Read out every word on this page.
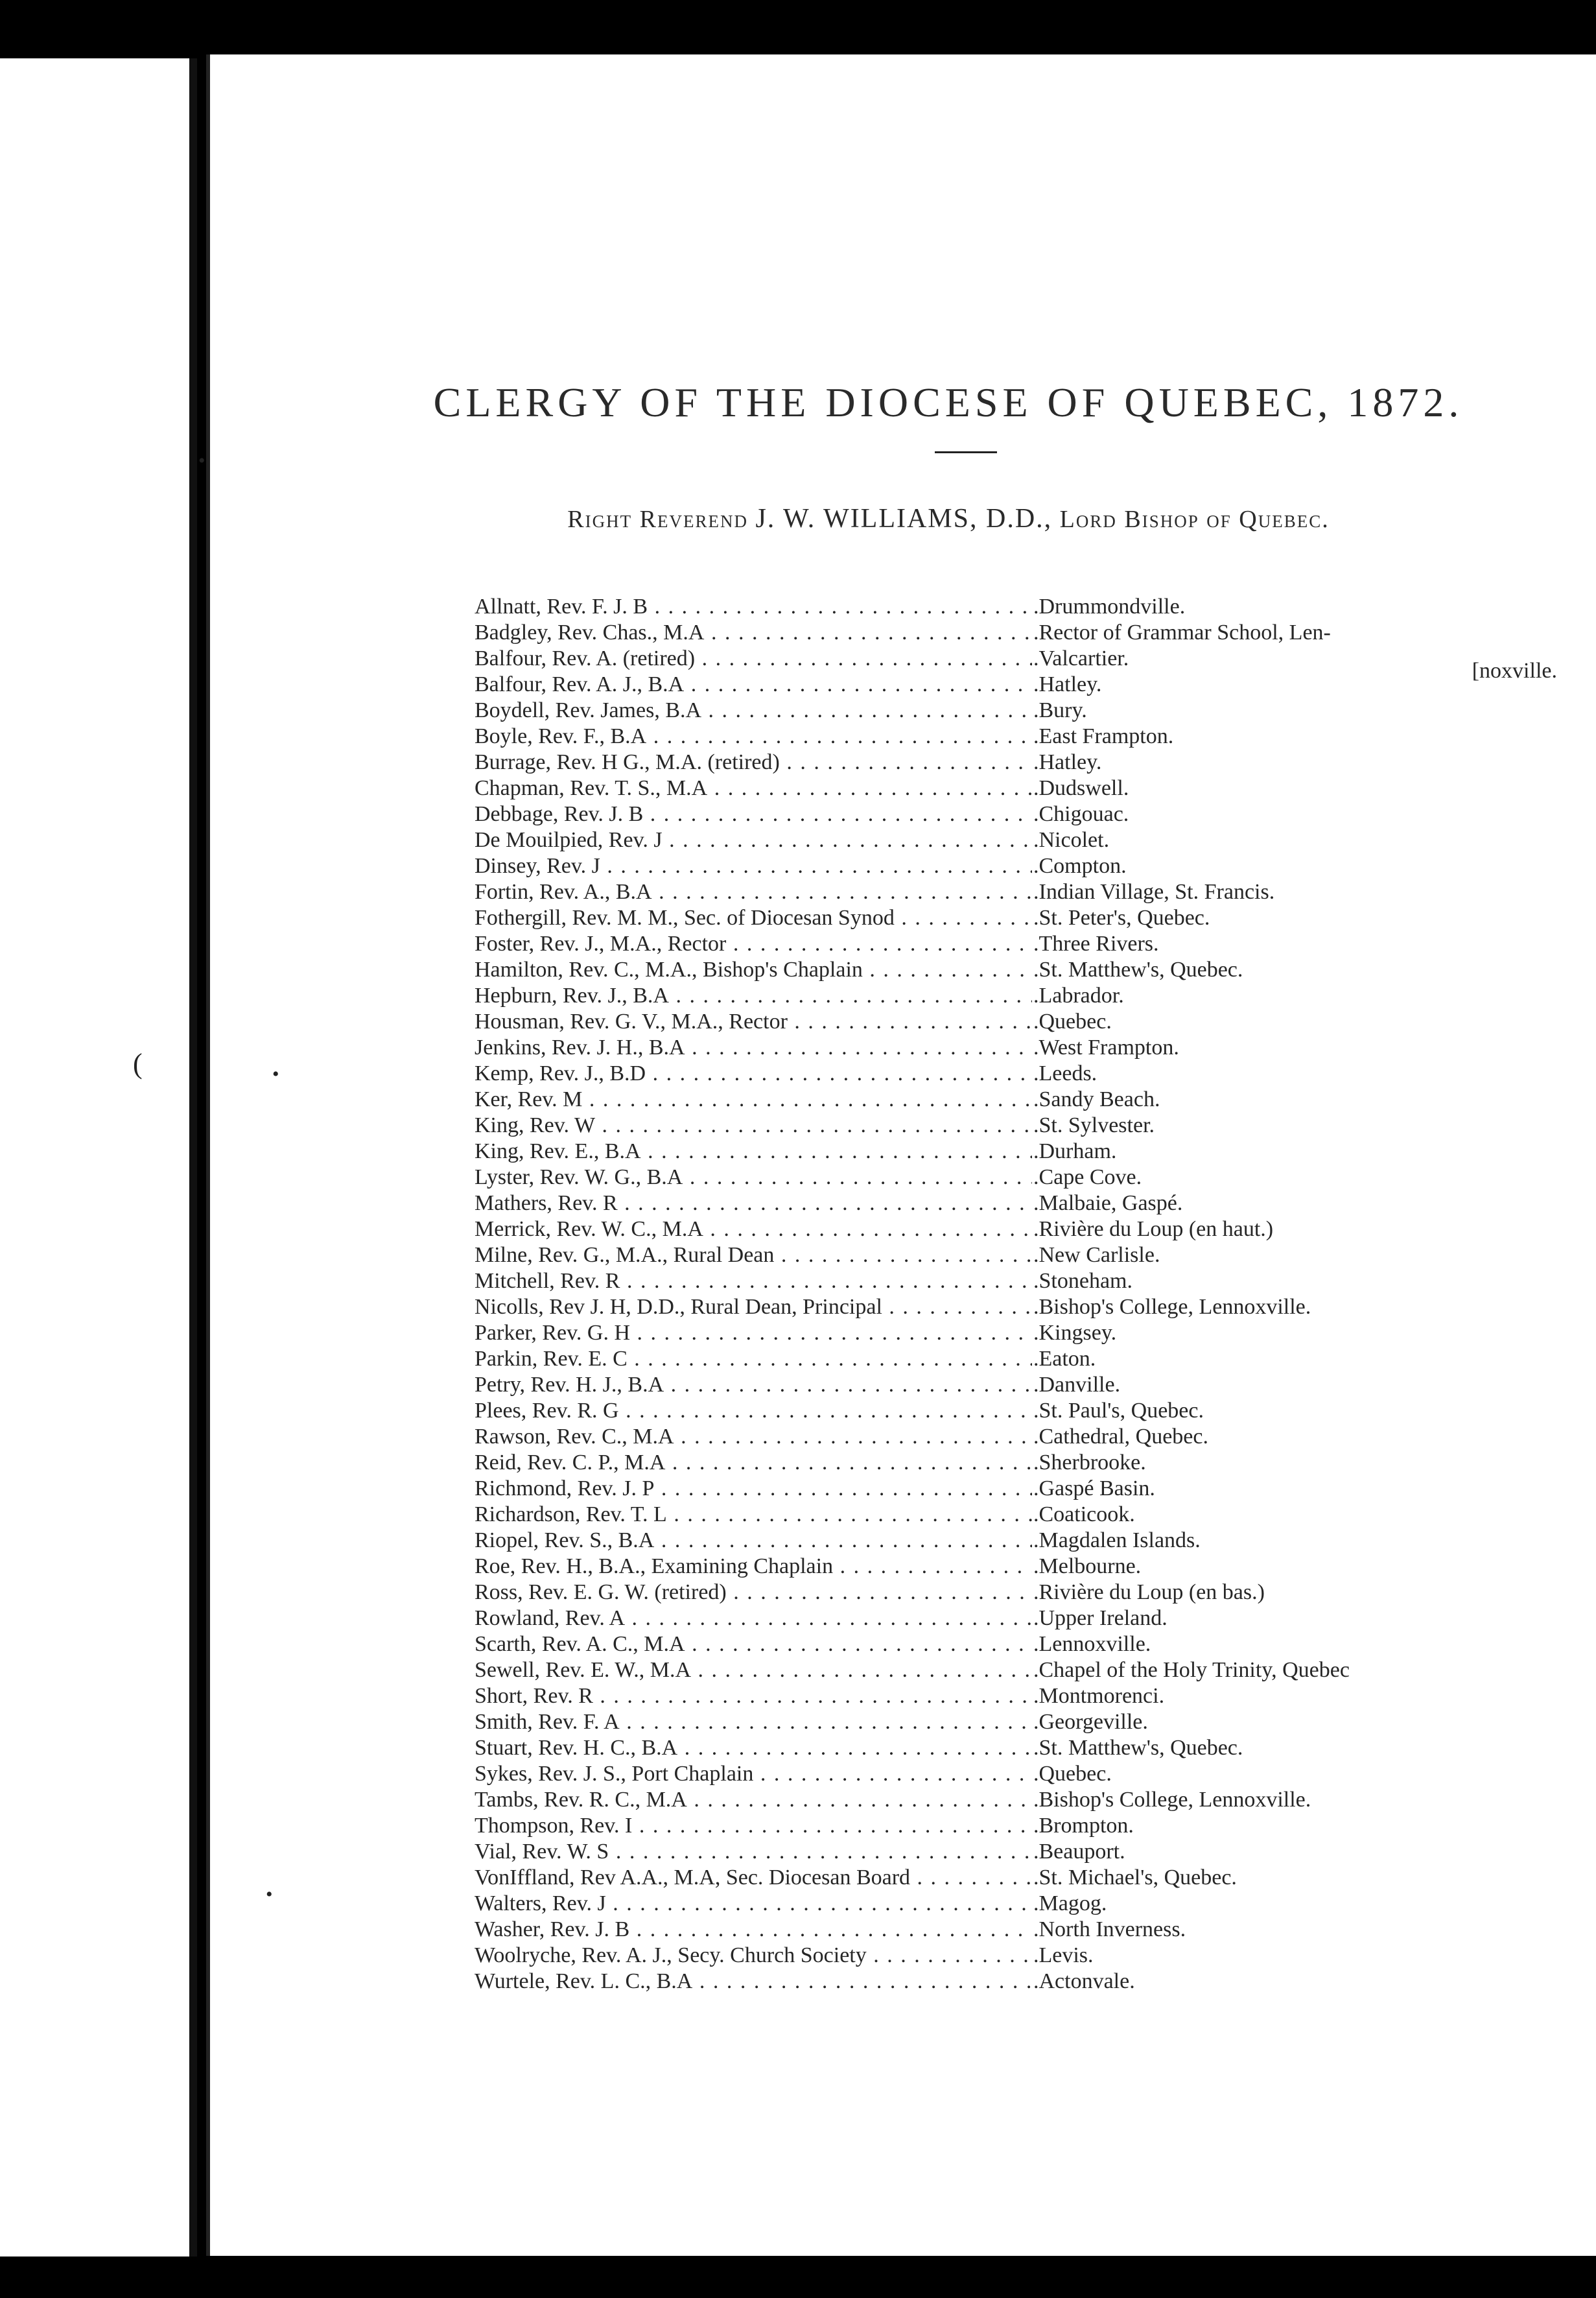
CLERGY OF THE DIOCESE OF QUEBEC, 1872.
Right Reverend J. W. WILLIAMS, D.D., Lord Bishop of Quebec.
Allnatt, Rev. F. J. B . . .	. Drummondville.
Badgley, Rev. Chas., M.A . . .	. Rector of Grammar School, Len-
Balfour, Rev. A. (retired) . . .	. Valcartier.
Balfour, Rev. A. J., B.A . . .	. Hatley.
Boydell, Rev. James, B.A . . .	. Bury.
Boyle, Rev. F., B.A . . .	. East Frampton.
Burrage, Rev. H G., M.A. (retired) . . .	. Hatley.
Chapman, Rev. T. S., M.A . . .	. Dudswell.
Debbage, Rev. J. B . . .	. Chigouac.
De Mouilpied, Rev. J . . .	. Nicolet.
Dinsey, Rev. J . . .	. Compton.
Fortin, Rev. A., B.A . . .	. Indian Village, St. Francis.
Fothergill, Rev. M. M., Sec. of Diocesan Synod . . .	. St. Peter's, Quebec.
Foster, Rev. J., M.A., Rector . . .	. Three Rivers.
Hamilton, Rev. C., M.A., Bishop's Chaplain . . .	. St. Matthew's, Quebec.
Hepburn, Rev. J., B.A . . .	. Labrador.
Housman, Rev. G. V., M.A., Rector . . .	. Quebec.
Jenkins, Rev. J. H., B.A . . .	. West Frampton.
Kemp, Rev. J., B.D . . .	. Leeds.
Ker, Rev. M . . .	. Sandy Beach.
King, Rev. W . . .	. St. Sylvester.
King, Rev. E., B.A . . .	. Durham.
Lyster, Rev. W. G., B.A . . .	. Cape Cove.
Mathers, Rev. R . . .	. Malbaie, Gaspé.
Merrick, Rev. W. C., M.A . . .	. Rivière du Loup (en haut.)
Milne, Rev. G., M.A., Rural Dean . . .	. New Carlisle.
Mitchell, Rev. R . . .	. Stoneham.
Nicolls, Rev J. H, D.D., Rural Dean, Principal . . .	. Bishop's College, Lennoxville.
Parker, Rev. G. H . . .	. Kingsey.
Parkin, Rev. E. C . . .	. Eaton.
Petry, Rev. H. J., B.A . . .	. Danville.
Plees, Rev. R. G . . .	. St. Paul's, Quebec.
Rawson, Rev. C., M.A . . .	. Cathedral, Quebec.
Reid, Rev. C. P., M.A . . .	. Sherbrooke.
Richmond, Rev. J. P . . .	. Gaspé Basin.
Richardson, Rev. T. L . . .	. Coaticook.
Riopel, Rev. S., B.A . . .	. Magdalen Islands.
Roe, Rev. H., B.A., Examining Chaplain . . .	. Melbourne.
Ross, Rev. E. G. W. (retired) . . .	. Rivière du Loup (en bas.)
Rowland, Rev. A . . .	. Upper Ireland.
Scarth, Rev. A. C., M.A . . .	. Lennoxville.
Sewell, Rev. E. W., M.A . . .	. Chapel of the Holy Trinity, Quebec
Short, Rev. R . . .	. Montmorenci.
Smith, Rev. F. A . . .	. Georgeville.
Stuart, Rev. H. C., B.A . . .	. St. Matthew's, Quebec.
Sykes, Rev. J. S., Port Chaplain . . .	. Quebec.
Tambs, Rev. R. C., M.A . . .	. Bishop's College, Lennoxville.
Thompson, Rev. I . . .	. Brompton.
Vial, Rev. W. S . . .	. Beauport.
VonIffland, Rev A.A., M.A, Sec. Diocesan Board . . .	. St. Michael's, Quebec.
Walters, Rev. J . . .	. Magog.
Washer, Rev. J. B . . .	. North Inverness.
Woolryche, Rev. A. J., Secy. Church Society . . .	. Levis.
Wurtele, Rev. L. C., B.A . . .	. Actonvale.
[noxville.
•
(	•
•
